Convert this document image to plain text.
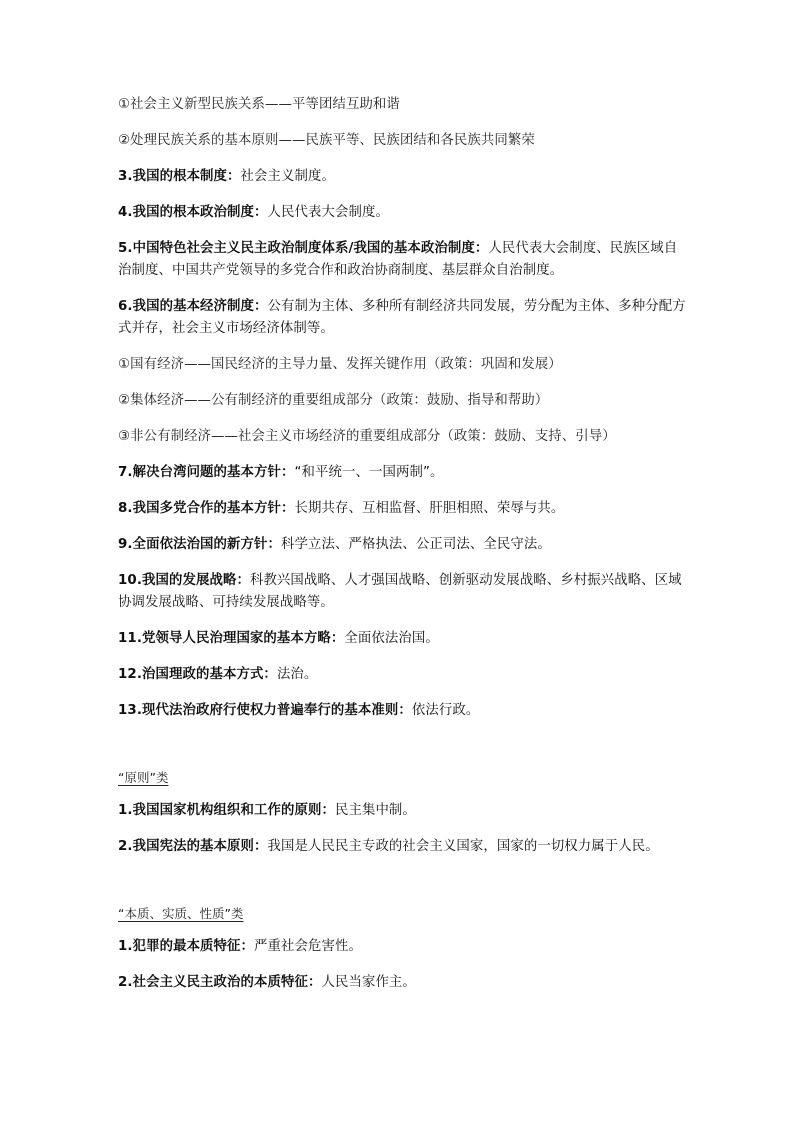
①社会主义新型民族关系——平等团结互助和谐

②处理民族关系的基本原则——民族平等、民族团结和各民族共同繁荣

3.我国的根本制度：社会主义制度。

4.我国的根本政治制度：人民代表大会制度。

5.中国特色社会主义民主政治制度体系/我国的基本政治制度：人民代表大会制度、民族区域自治制度、中国共产党领导的多党合作和政治协商制度、基层群众自治制度。

6.我国的基本经济制度：公有制为主体、多种所有制经济共同发展，劳分配为主体、多种分配方式并存，社会主义市场经济体制等。

①国有经济——国民经济的主导力量、发挥关键作用（政策：巩固和发展）

②集体经济——公有制经济的重要组成部分（政策：鼓励、指导和帮助）

③非公有制经济——社会主义市场经济的重要组成部分（政策：鼓励、支持、引导）

7.解决台湾问题的基本方针：“和平统一、一国两制”。

8.我国多党合作的基本方针：长期共存、互相监督、肝胆相照、荣辱与共。

9.全面依法治国的新方针：科学立法、严格执法、公正司法、全民守法。

10.我国的发展战略：科教兴国战略、人才强国战略、创新驱动发展战略、乡村振兴战略、区域协调发展战略、可持续发展战略等。

11.党领导人民治理国家的基本方略：全面依法治国。

12.治国理政的基本方式：法治。

13.现代法治政府行使权力普遍奉行的基本准则：依法行政。

“原则”类

1.我国国家机构组织和工作的原则：民主集中制。

2.我国宪法的基本原则：我国是人民民主专政的社会主义国家，国家的一切权力属于人民。

“本质、实质、性质”类

1.犯罪的最本质特征：严重社会危害性。

2.社会主义民主政治的本质特征：人民当家作主。
